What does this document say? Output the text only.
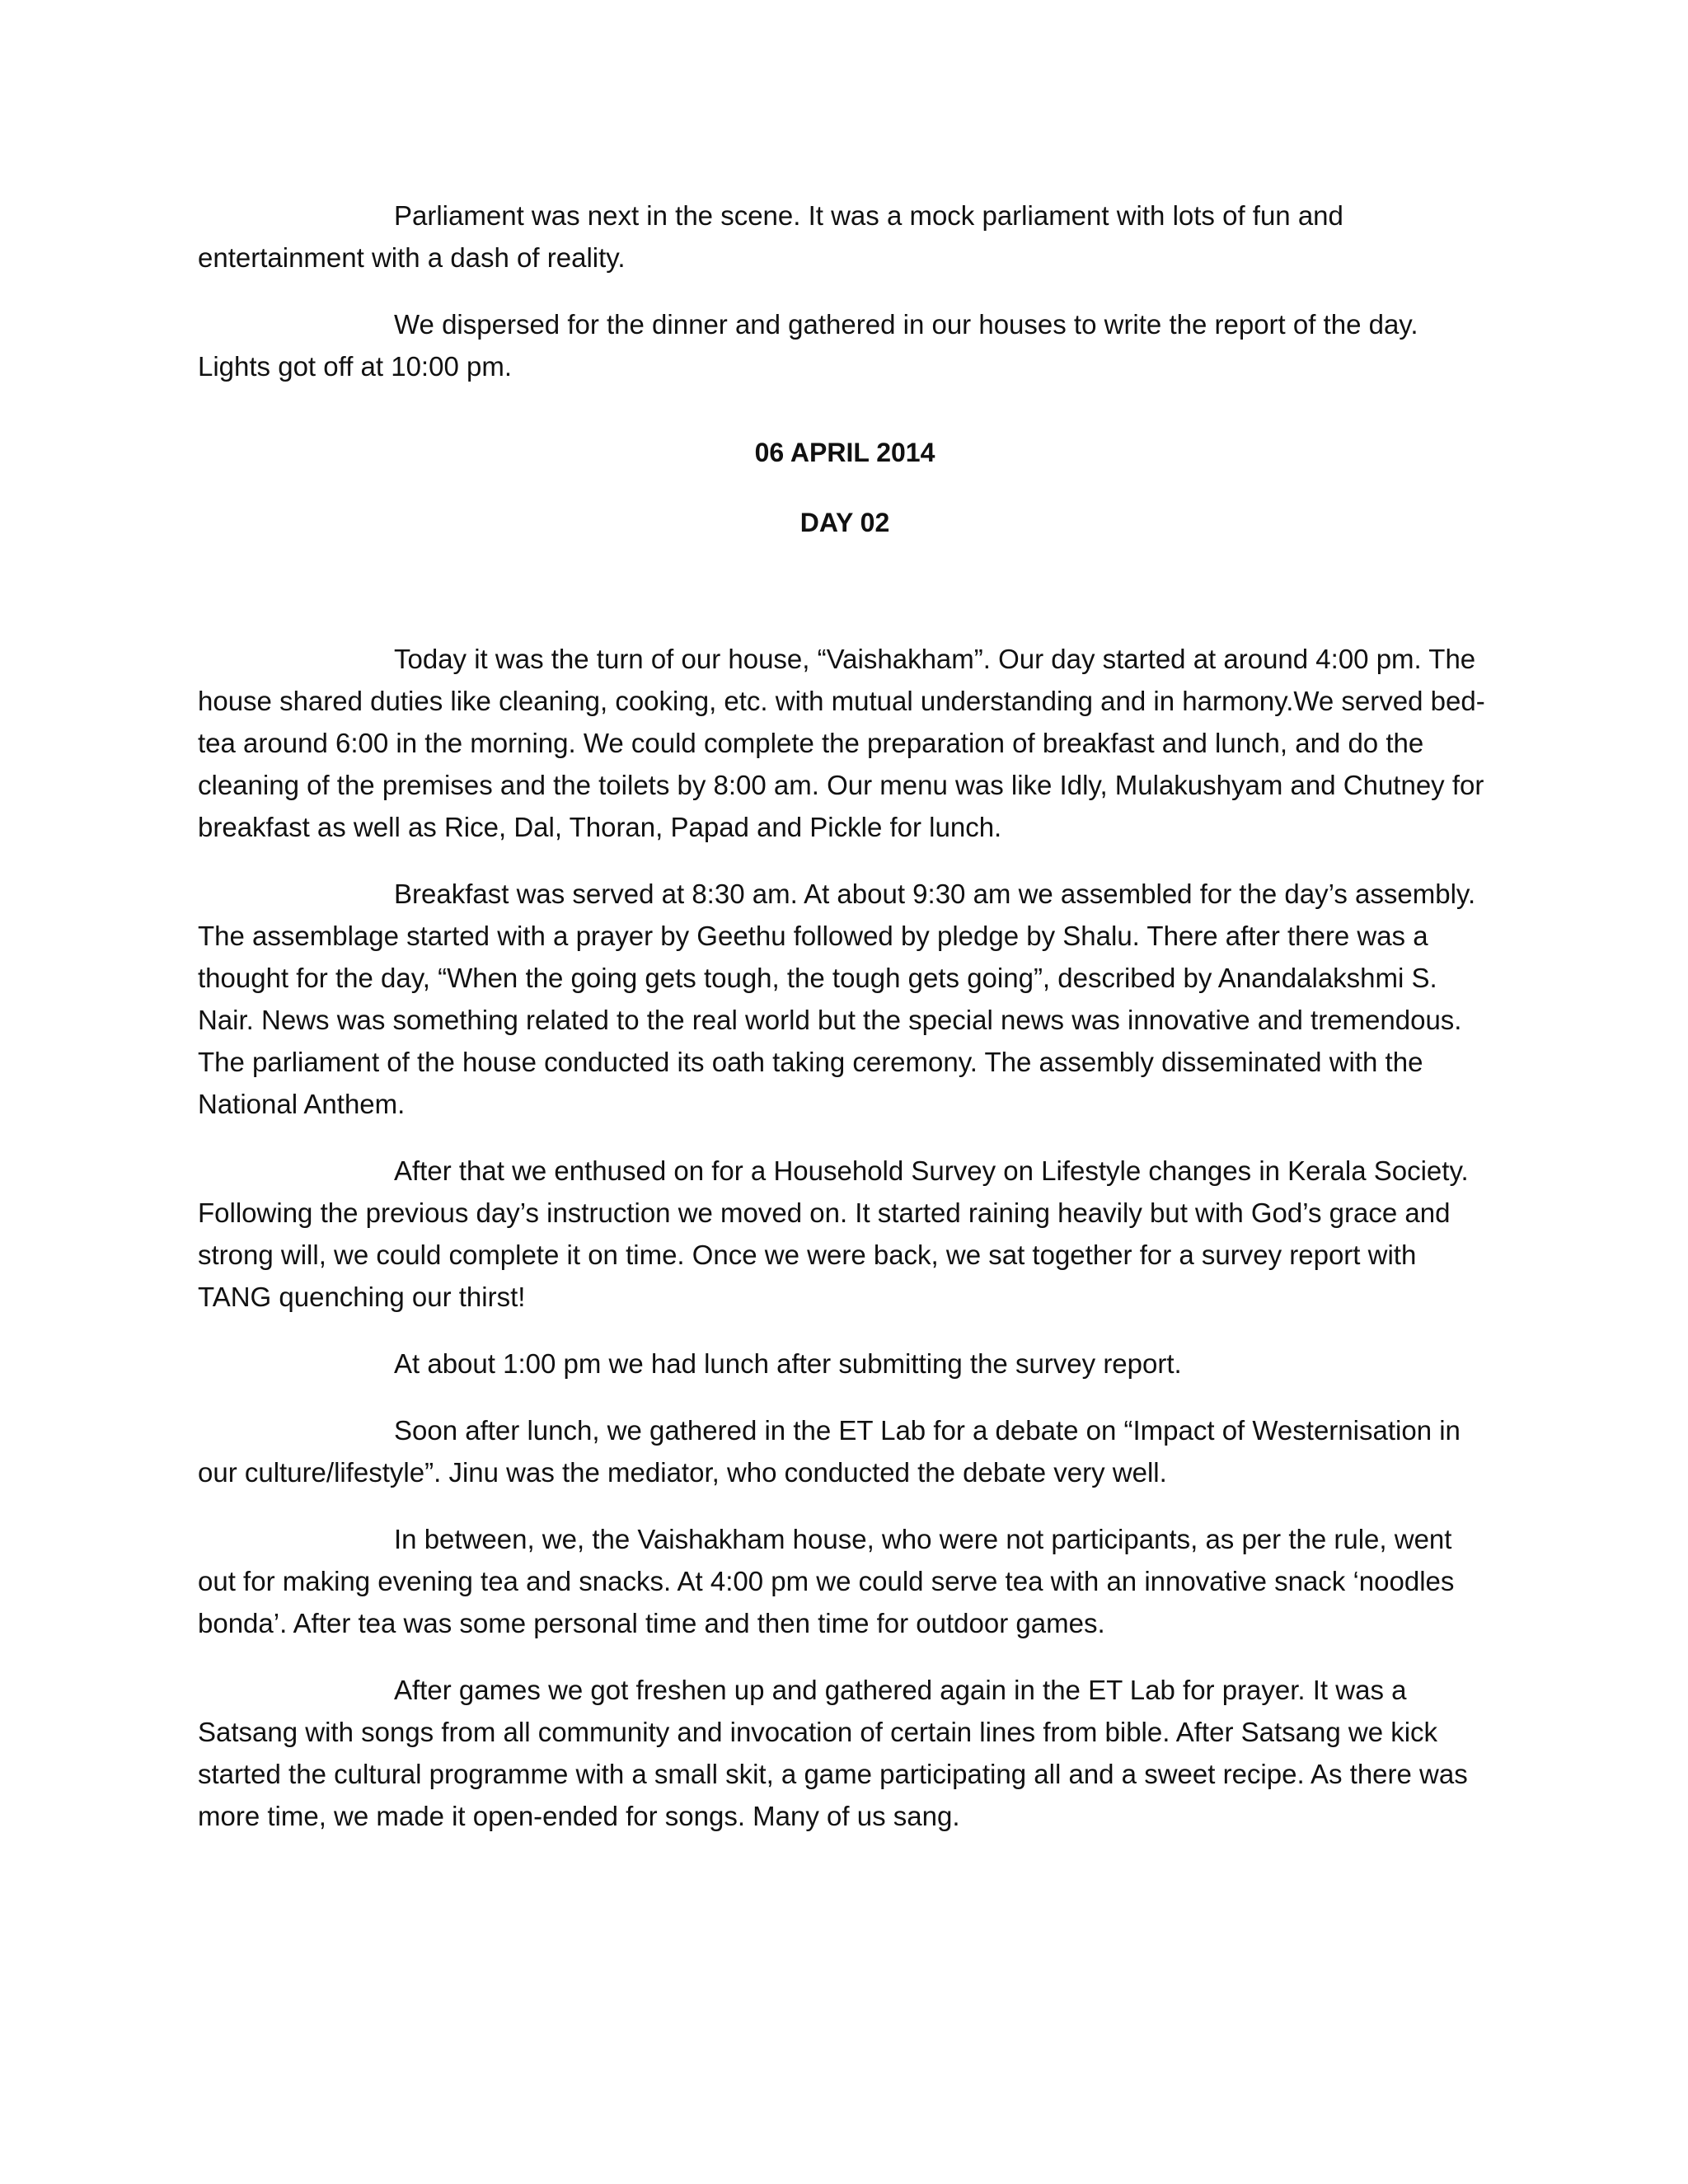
Parliament was next in the scene. It was a mock parliament with lots of fun and entertainment with a dash of reality.

We dispersed for the dinner and gathered in our houses to write the report of the day. Lights got off at 10:00 pm.

06 APRIL 2014

DAY 02

Today it was the turn of our house, “Vaishakham”. Our day started at around 4:00 pm. The house shared duties like cleaning, cooking, etc. with mutual understanding and in harmony.We served bed-tea around 6:00 in the morning. We could complete the preparation of breakfast and lunch, and do the cleaning of the premises and the toilets by 8:00 am. Our menu was like Idly, Mulakushyam and Chutney for breakfast as well as Rice, Dal, Thoran, Papad and Pickle for lunch.

Breakfast was served at 8:30 am. At about 9:30 am we assembled for the day’s assembly. The assemblage started with a prayer by Geethu followed by pledge by Shalu. There after there was a thought for the day, “When the going gets tough, the tough gets going”, described by Anandalakshmi S. Nair. News was something related to the real world but the special news was innovative and tremendous. The parliament of the house conducted its oath taking ceremony. The assembly disseminated with the National Anthem.

After that we enthused on for a Household Survey on Lifestyle changes in Kerala Society. Following the previous day’s instruction we moved on. It started raining heavily but with God’s grace and strong will, we could complete it on time. Once we were back, we sat together for a survey report with TANG quenching our thirst!

At about 1:00 pm we had lunch after submitting the survey report.

Soon after lunch, we gathered in the ET Lab for a debate on “Impact of Westernisation in our culture/lifestyle”. Jinu was the mediator, who conducted the debate very well.

In between, we, the Vaishakham house, who were not participants, as per the rule, went out for making evening tea and snacks. At 4:00 pm we could serve tea with an innovative snack ‘noodles bonda’. After tea was some personal time and then time for outdoor games.

After games we got freshen up and gathered again in the ET Lab for prayer. It was a Satsang with songs from all community and invocation of certain lines from bible. After Satsang we kick started the cultural programme with a small skit, a game participating all and a sweet recipe. As there was more time, we made it open-ended for songs. Many of us sang.
